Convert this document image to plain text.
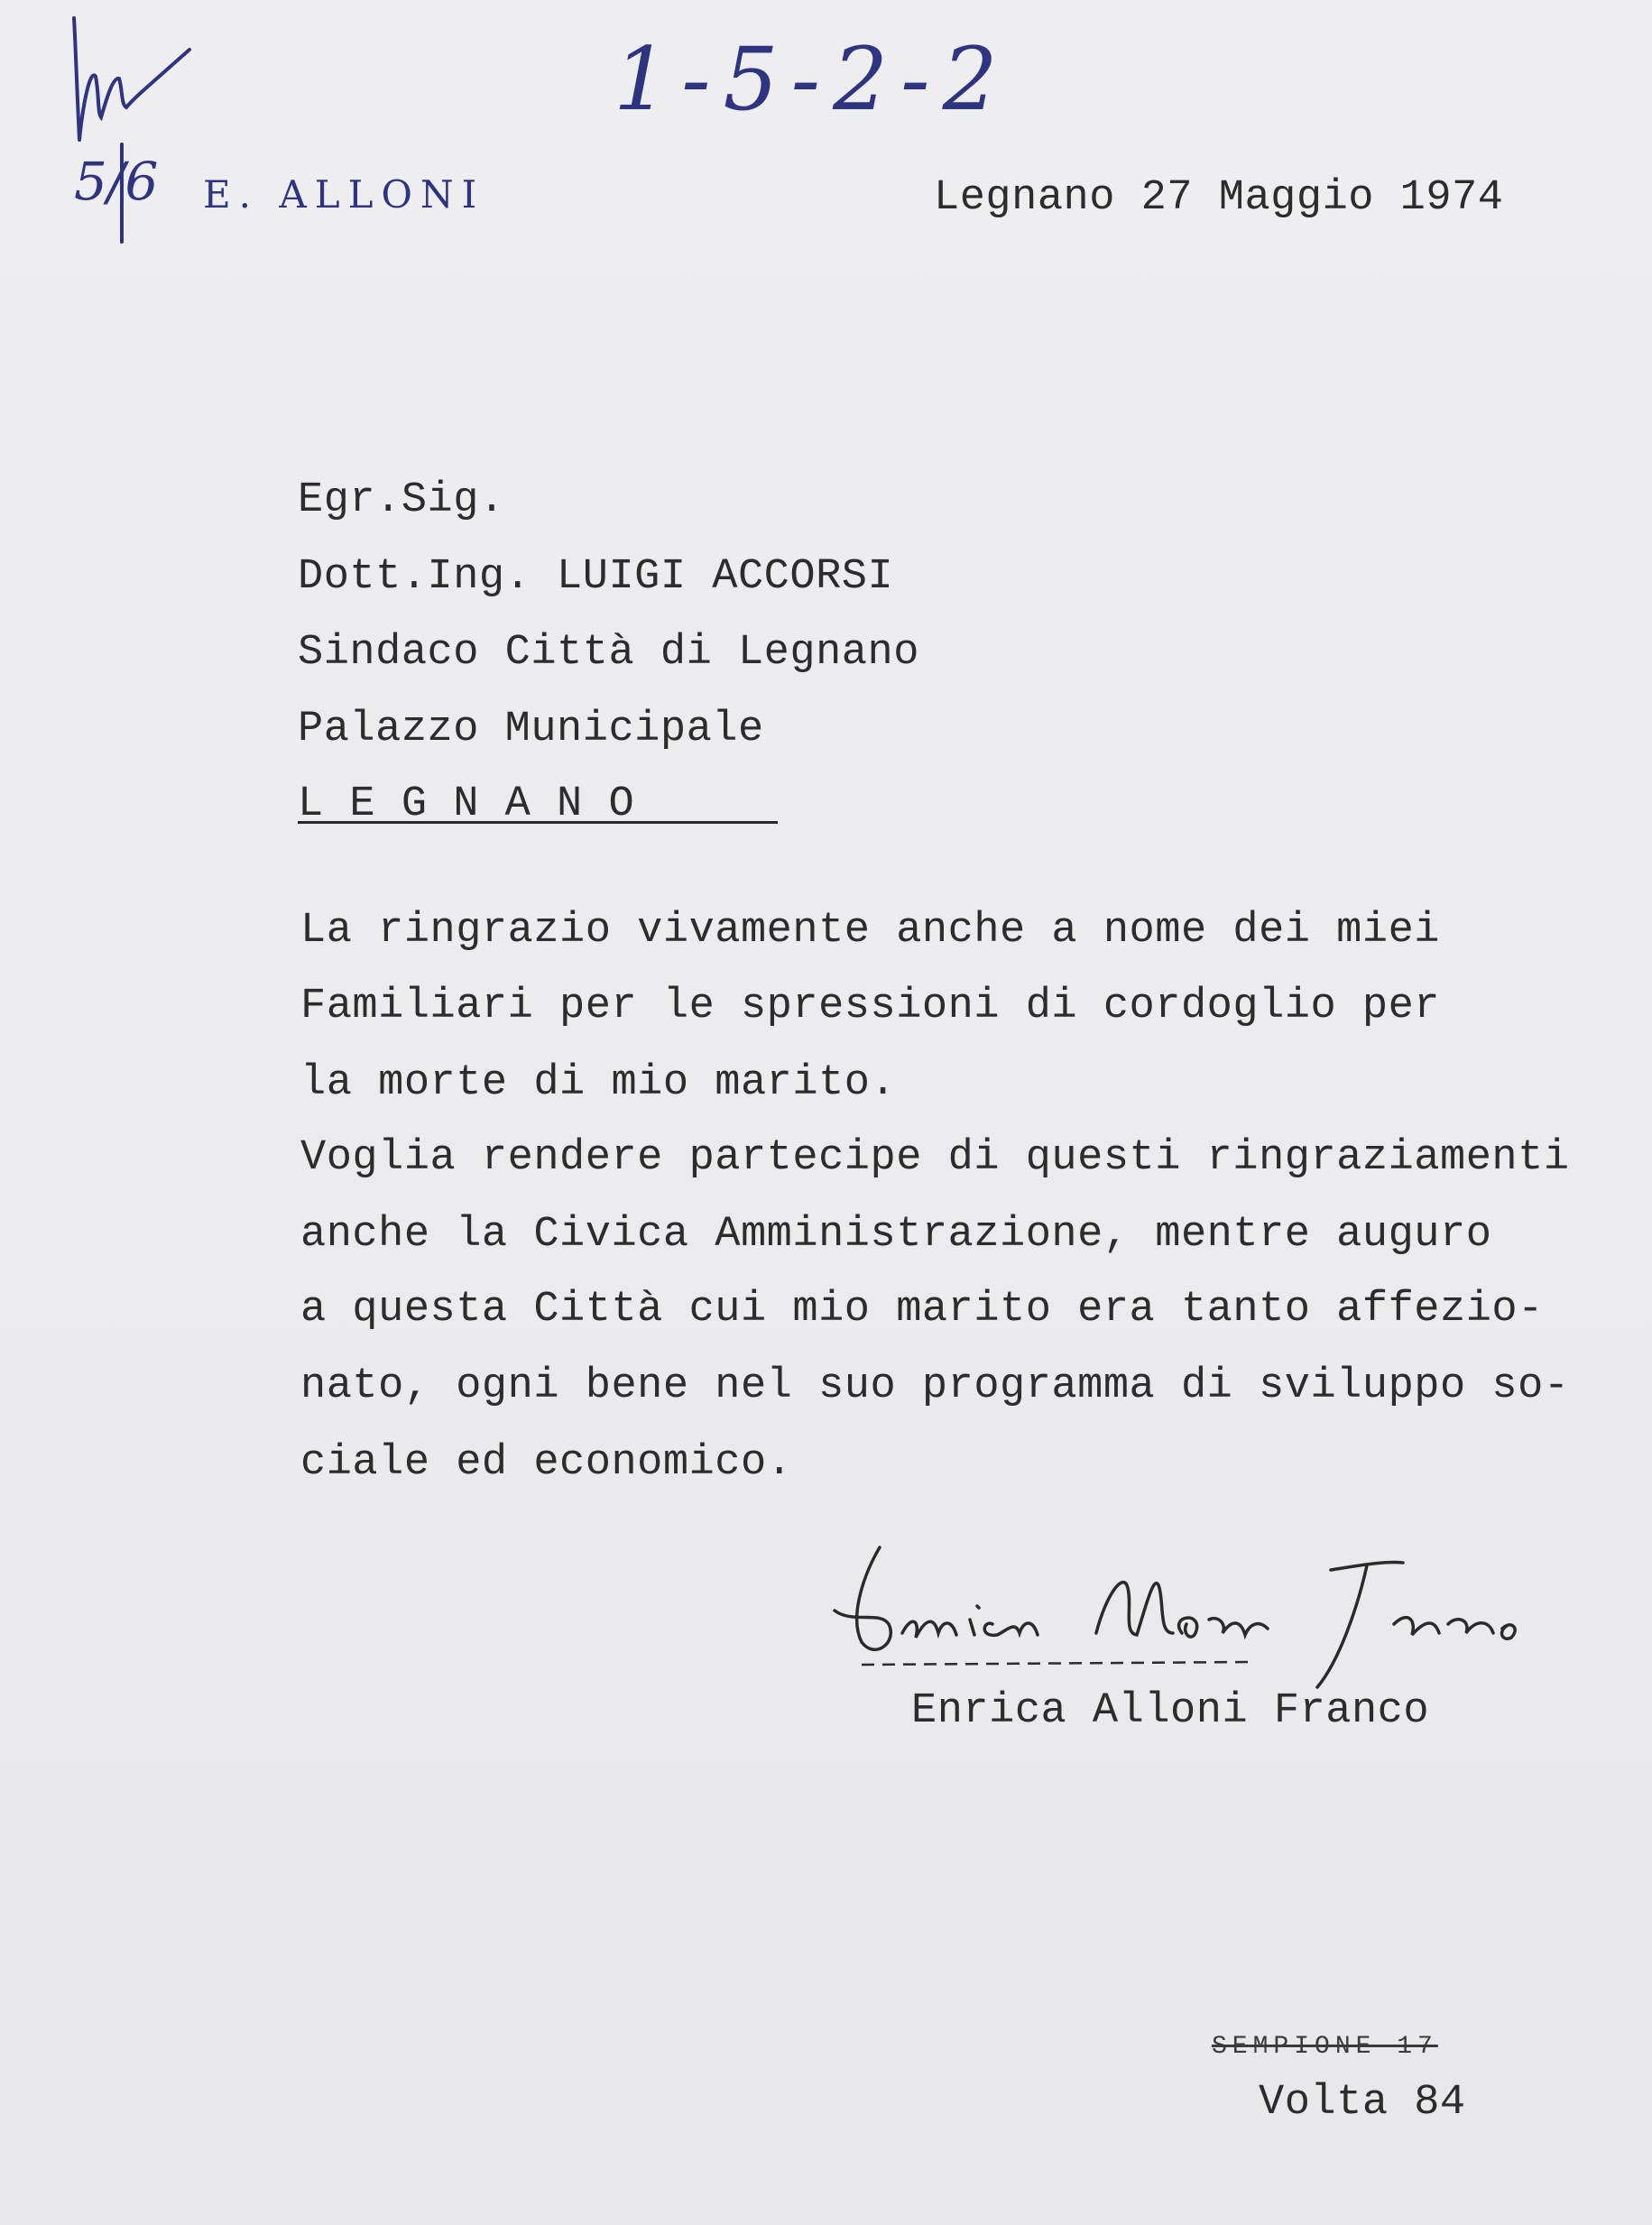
1-5-2-2
5/6 E. ALLONI	Legnano 27 Maggio 1974
Egr.Sig.
Dott.Ing. LUIGI ACCORSI
Sindaco Città di Legnano
Palazzo Municipale
L E G N A N O
La ringrazio vivamente anche a nome dei miei
Familiari per le spressioni di cordoglio per
la morte di mio marito.
Voglia rendere partecipe di questi ringraziamenti
anche la Civica Amministrazione, mentre auguro
a questa Città cui mio marito era tanto affezio-
nato, ogni bene nel suo programma di sviluppo so-
ciale ed economico.
Enrica Alloni Franco
SEMPIONE 17
Volta 84
